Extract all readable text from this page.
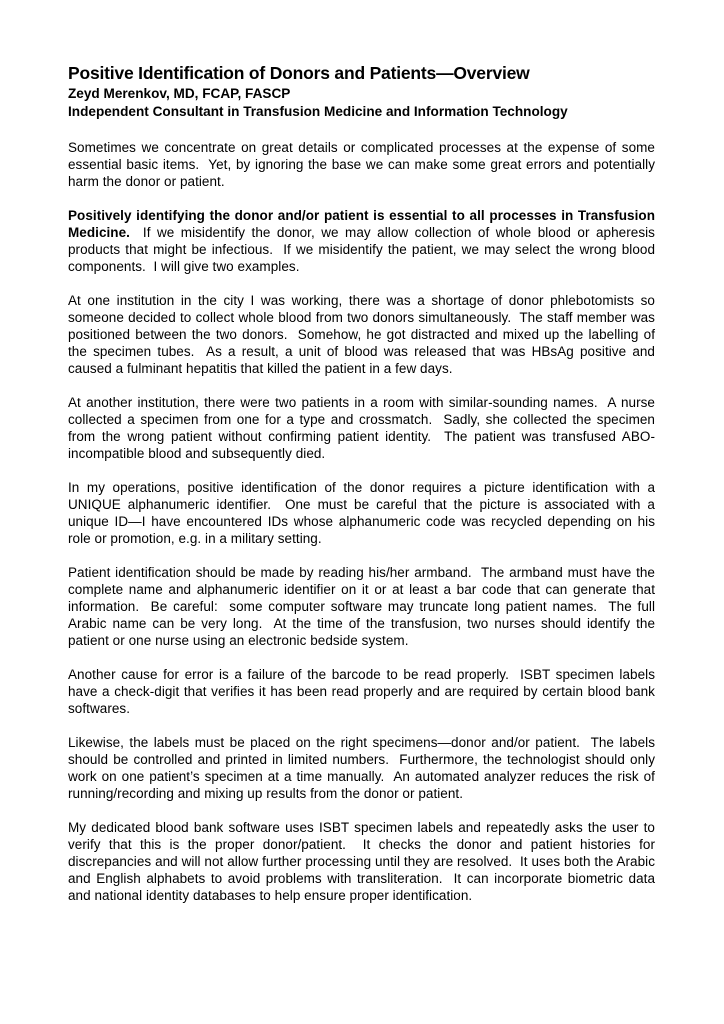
Positive Identification of Donors and Patients—Overview

Zeyd Merenkov, MD, FCAP, FASCP

Independent Consultant in Transfusion Medicine and Information Technology

Sometimes we concentrate on great details or complicated processes at the expense of some essential basic items.  Yet, by ignoring the base we can make some great errors and potentially harm the donor or patient.

Positively identifying the donor and/or patient is essential to all processes in Transfusion Medicine.  If we misidentify the donor, we may allow collection of whole blood or apheresis products that might be infectious.  If we misidentify the patient, we may select the wrong blood components.  I will give two examples.

At one institution in the city I was working, there was a shortage of donor phlebotomists so someone decided to collect whole blood from two donors simultaneously.  The staff member was positioned between the two donors.  Somehow, he got distracted and mixed up the labelling of the specimen tubes.  As a result, a unit of blood was released that was HBsAg positive and caused a fulminant hepatitis that killed the patient in a few days.

At another institution, there were two patients in a room with similar-sounding names.  A nurse collected a specimen from one for a type and crossmatch.  Sadly, she collected the specimen from the wrong patient without confirming patient identity.  The patient was transfused ABO-incompatible blood and subsequently died.

In my operations, positive identification of the donor requires a picture identification with a UNIQUE alphanumeric identifier.  One must be careful that the picture is associated with a unique ID—I have encountered IDs whose alphanumeric code was recycled depending on his role or promotion, e.g. in a military setting.

Patient identification should be made by reading his/her armband.  The armband must have the complete name and alphanumeric identifier on it or at least a bar code that can generate that information.  Be careful:  some computer software may truncate long patient names.  The full Arabic name can be very long.  At the time of the transfusion, two nurses should identify the patient or one nurse using an electronic bedside system.

Another cause for error is a failure of the barcode to be read properly.  ISBT specimen labels have a check-digit that verifies it has been read properly and are required by certain blood bank softwares.

Likewise, the labels must be placed on the right specimens—donor and/or patient.  The labels should be controlled and printed in limited numbers.  Furthermore, the technologist should only work on one patient’s specimen at a time manually.  An automated analyzer reduces the risk of running/recording and mixing up results from the donor or patient.

My dedicated blood bank software uses ISBT specimen labels and repeatedly asks the user to verify that this is the proper donor/patient.  It checks the donor and patient histories for discrepancies and will not allow further processing until they are resolved.  It uses both the Arabic and English alphabets to avoid problems with transliteration.  It can incorporate biometric data and national identity databases to help ensure proper identification.
